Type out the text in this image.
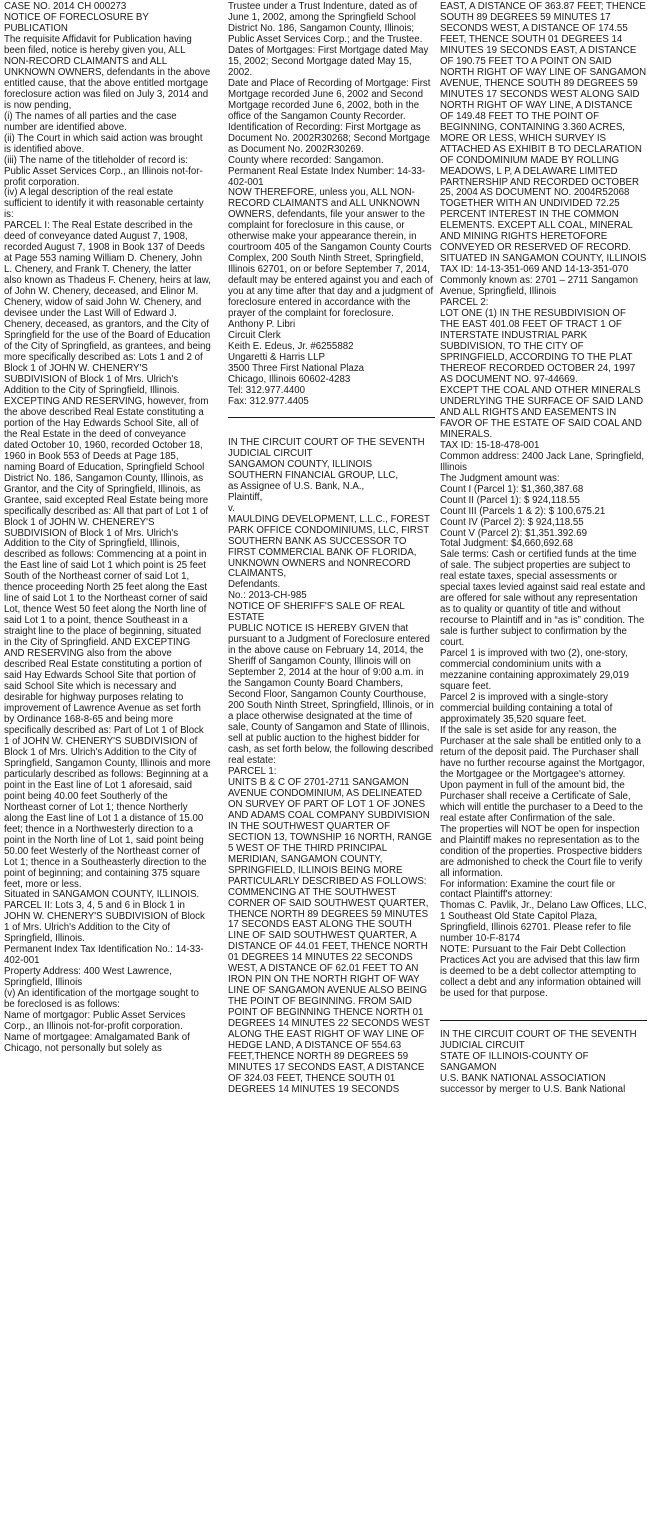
CASE NO. 2014 CH 000273

NOTICE OF FORECLOSURE BY PUBLICATION

The requisite Affidavit for Publication having been filed, notice is hereby given you, ALL NON-RECORD CLAIMANTS and ALL UNKNOWN OWNERS, defendants in the above entitled cause, that the above entitled mortgage foreclosure action was filed on July 3, 2014 and is now pending,

(i) The names of all parties and the case number are identified above.

(ii) The Court in which said action was brought is identified above.

(iii) The name of the titleholder of record is: Public Asset Services Corp., an Illinois not-for-profit corporation.

(iv) A legal description of the real estate sufficient to identify it with reasonable certainty is:

PARCEL I: The Real Estate described in the deed of conveyance dated August 7, 1908, recorded August 7, 1908 in Book 137 of Deeds at Page 553 naming William D. Chenery, John L. Chenery, and Frank T. Chenery, the latter also known as Thadeus F. Chenery, heirs at law, of John W. Chenery, deceased, and Elinor M. Chenery, widow of said John W. Chenery, and devisee under the Last Will of Edward J. Chenery, deceased, as grantors, and the City of Springfield for the use of the Board of Education of the City of Springfield, as grantees, and being more specifically described as: Lots 1 and 2 of Block 1 of JOHN W. CHENERY'S SUBDIVISION of Block 1 of Mrs. Ulrich's Addition to the City of Springfield, Illinois. EXCEPTING AND RESERVING, however, from the above described Real Estate constituting a portion of the Hay Edwards School Site, all of the Real Estate in the deed of conveyance dated October 10, 1960, recorded October 18, 1960 in Book 553 of Deeds at Page 185, naming Board of Education, Springfield School District No. 186, Sangamon County, Illinois, as Grantor, and the City of Springfield, Illinois, as Grantee, said excepted Real Estate being more specifically described as: All that part of Lot 1 of Block 1 of JOHN W. CHENEREY'S SUBDIVISION of Block 1 of Mrs. Ulrich's Addition to the City of Springfield, Illinois, described as follows: Commencing at a point in the East line of said Lot 1 which point is 25 feet South of the Northeast corner of said Lot 1, thence proceeding North 25 feet along the East line of said Lot 1 to the Northeast corner of said Lot, thence West 50 feet along the North line of said Lot 1 to a point, thence Southeast in a straight line to the place of beginning, situated in the City of Springfield. AND EXCEPTING AND RESERVING also from the above described Real Estate constituting a portion of said Hay Edwards School Site that portion of said School Site which is necessary and desirable for highway purposes relating to improvement of Lawrence Avenue as set forth by Ordinance 168-8-65 and being more specifically described as: Part of Lot 1 of Block 1 of JOHN W. CHENERY'S SUBDIVISION of Block 1 of Mrs. Ulrich's Addition to the City of Springfield, Sangamon County, Illinois and more particularly described as follows: Beginning at a point in the East line of Lot 1 aforesaid, said point being 40.00 feet Southerly of the Northeast corner of Lot 1; thence Northerly along the East line of Lot 1 a distance of 15.00 feet; thence in a Northwesterly direction to a point in the North line of Lot 1, said point being 50.00 feet Westerly of the Northeast corner of Lot 1; thence in a Southeasterly direction to the point of beginning; and containing 375 square feet, more or less.

Situated in SANGAMON COUNTY, ILLINOIS.

PARCEL II: Lots 3, 4, 5 and 6 in Block 1 in JOHN W. CHENERY'S SUBDIVISION of Block 1 of Mrs. Ulrich's Addition to the City of Springfield, Illinois.

Permanent Index Tax Identification No.: 14-33-402-001

Property Address: 400 West Lawrence, Springfield, Illinois

(v) An identification of the mortgage sought to be foreclosed is as follows:

Name of mortgagor: Public Asset Services Corp., an Illinois not-for-profit corporation.

Name of mortgagee: Amalgamated Bank of Chicago, not personally but solely as

Trustee under a Trust Indenture, dated as of June 1, 2002, among the Springfield School District No. 186, Sangamon County, Illinois; Public Asset Services Corp.; and the Trustee.

Dates of Mortgages: First Mortgage dated May 15, 2002; Second Mortgage dated May 15, 2002.

Date and Place of Recording of Mortgage: First Mortgage recorded June 6, 2002 and Second Mortgage recorded June 6, 2002, both in the office of the Sangamon County Recorder.

Identification of Recording: First Mortgage as Document No. 2002R30268; Second Mortgage as Document No. 2002R30269.

County where recorded: Sangamon.

Permanent Real Estate Index Number: 14-33-402-001

NOW THEREFORE, unless you, ALL NON-RECORD CLAIMANTS and ALL UNKNOWN OWNERS, defendants, file your answer to the complaint for foreclosure in this cause, or otherwise make your appearance therein, in courtroom 405 of the Sangamon County Courts Complex, 200 South Ninth Street, Springfield, Illinois 62701, on or before September 7, 2014, default may be entered against you and each of you at any time after that day and a judgment of foreclosure entered in accordance with the prayer of the complaint for foreclosure.

Anthony P. Libri

Circuit Clerk

Keith E. Edeus, Jr. #6255882

Ungaretti & Harris LLP

3500 Three First National Plaza

Chicago, Illinois 60602-4283

Tel: 312.977.4400

Fax: 312.977.4405

IN THE CIRCUIT COURT OF THE SEVENTH JUDICIAL CIRCUIT

SANGAMON COUNTY, ILLINOIS

SOUTHERN FINANCIAL GROUP, LLC,

as Assignee of U.S. Bank, N.A.,

Plaintiff,

v.

MAULDING DEVELOPMENT, L.L.C., FOREST PARK OFFICE CONDOMINIUMS, LLC, FIRST SOUTHERN BANK AS SUCCESSOR TO FIRST COMMERCIAL BANK OF FLORIDA, UNKNOWN OWNERS and NONRECORD CLAIMANTS,

Defendants.

No.: 2013-CH-985

NOTICE OF SHERIFF'S SALE OF REAL ESTATE

PUBLIC NOTICE IS HEREBY GIVEN that pursuant to a Judgment of Foreclosure entered in the above cause on February 14, 2014, the Sheriff of Sangamon County, Illinois will on September 2, 2014 at the hour of 9:00 a.m. in the Sangamon County Board Chambers, Second Floor, Sangamon County Courthouse, 200 South Ninth Street, Springfield, Illinois, or in a place otherwise designated at the time of sale, County of Sangamon and State of Illinois, sell at public auction to the highest bidder for cash, as set forth below, the following described real estate:

PARCEL 1:

UNITS B & C OF 2701-2711 SANGAMON AVENUE CONDOMINIUM, AS DELINEATED ON SURVEY OF PART OF LOT 1 OF JONES AND ADAMS COAL COMPANY SUBDIVISION IN THE SOUTHWEST QUARTER OF SECTION 13, TOWNSHIP 16 NORTH, RANGE 5 WEST OF THE THIRD PRINCIPAL MERIDIAN, SANGAMON COUNTY, SPRINGFIELD, ILLINOIS BEING MORE PARTICULARLY DESCRIBED AS FOLLOWS: COMMENCING AT THE SOUTHWEST CORNER OF SAID SOUTHWEST QUARTER, THENCE NORTH 89 DEGREES 59 MINUTES 17 SECONDS EAST ALONG THE SOUTH LINE OF SAID SOUTHWEST QUARTER, A DISTANCE OF 44.01 FEET, THENCE NORTH 01 DEGREES 14 MINUTES 22 SECONDS WEST, A DISTANCE OF 62.01 FEET TO AN IRON PIN ON THE NORTH RIGHT OF WAY LINE OF SANGAMON AVENUE ALSO BEING THE POINT OF BEGINNING. FROM SAID POINT OF BEGINNING THENCE NORTH 01 DEGREES 14 MINUTES 22 SECONDS WEST ALONG THE EAST RIGHT OF WAY LINE OF HEDGE LAND, A DISTANCE OF 554.63 FEET,THENCE NORTH 89 DEGREES 59 MINUTES 17 SECONDS EAST, A DISTANCE OF 324.03 FEET, THENCE SOUTH 01 DEGREES 14 MINUTES 19 SECONDS

EAST, A DISTANCE OF 363.87 FEET; THENCE SOUTH 89 DEGREES 59 MINUTES 17 SECONDS WEST, A DISTANCE OF 174.55 FEET, THENCE SOUTH 01 DEGREES 14 MINUTES 19 SECONDS EAST, A DISTANCE OF 190.75 FEET TO A POINT ON SAID NORTH RIGHT OF WAY LINE OF SANGAMON AVENUE, THENCE SOUTH 89 DEGREES 59 MINUTES 17 SECONDS WEST ALONG SAID NORTH RIGHT OF WAY LINE, A DISTANCE OF 149.48 FEET TO THE POINT OF BEGINNING, CONTAINING 3.360 ACRES, MORE OR LESS, WHICH SURVEY IS ATTACHED AS EXHIBIT B TO DECLARATION OF CONDOMINIUM MADE BY ROLLING MEADOWS, L P, A DELAWARE LIMITED PARTNERSHIP AND RECORDED OCTOBER 25, 2004 AS DOCUMENT NO. 2004R52068 TOGETHER WITH AN UNDIVIDED 72.25 PERCENT INTEREST IN THE COMMON ELEMENTS. EXCEPT ALL COAL, MINERAL AND MINING RIGHTS HERETOFORE CONVEYED OR RESERVED OF RECORD.

SITUATED IN SANGAMON COUNTY, ILLINOIS

TAX ID: 14-13-351-069 AND 14-13-351-070

Commonly known as: 2701 – 2711 Sangamon Avenue, Springfield, Illinois

PARCEL 2:

LOT ONE (1) IN THE RESUBDIVISION OF THE EAST 401.08 FEET OF TRACT 1 OF INTERSTATE INDUSTRIAL PARK SUBDIVISION, TO THE CITY OF SPRINGFIELD, ACCORDING TO THE PLAT THEREOF RECORDED OCTOBER 24, 1997 AS DOCUMENT NO. 97-44669.

EXCEPT THE COAL AND OTHER MINERALS UNDERLYING THE SURFACE OF SAID LAND AND ALL RIGHTS AND EASEMENTS IN FAVOR OF THE ESTATE OF SAID COAL AND MINERALS.

TAX ID: 15-18-478-001

Common address: 2400 Jack Lane, Springfield, Illinois

The Judgment amount was:

Count I (Parcel 1): $1,360,387.68

Count II (Parcel 1): $ 924,118.55

Count III (Parcels 1 & 2): $ 100,675.21

Count IV (Parcel 2): $ 924,118.55

Count V (Parcel 2): $1,351.392.69

Total Judgment: $4,660,692.68

Sale terms: Cash or certified funds at the time of sale. The subject properties are subject to real estate taxes, special assessments or special taxes levied against said real estate and are offered for sale without any representation as to quality or quantity of title and without recourse to Plaintiff and in “as is” condition. The sale is further subject to confirmation by the court.

Parcel 1 is improved with two (2), one-story, commercial condominium units with a mezzanine containing approximately 29,019 square feet.

Parcel 2 is improved with a single-story commercial building containing a total of approximately 35,520 square feet.

If the sale is set aside for any reason, the Purchaser at the sale shall be entitled only to a return of the deposit paid. The Purchaser shall have no further recourse against the Mortgagor, the Mortgagee or the Mortgagee's attorney.

Upon payment in full of the amount bid, the Purchaser shall receive a Certificate of Sale, which will entitle the purchaser to a Deed to the real estate after Confirmation of the sale.

The properties will NOT be open for inspection and Plaintiff makes no representation as to the condition of the properties. Prospective bidders are admonished to check the Court file to verify all information.

For information: Examine the court file or contact Plaintiff's attorney:

Thomas C. Pavlik, Jr., Delano Law Offices, LLC, 1 Southeast Old State Capitol Plaza, Springfield, Illinois 62701. Please refer to file number 10-F-8174

NOTE: Pursuant to the Fair Debt Collection Practices Act you are advised that this law firm is deemed to be a debt collector attempting to collect a debt and any information obtained will be used for that purpose.

IN THE CIRCUIT COURT OF THE SEVENTH JUDICIAL CIRCUIT

STATE OF ILLINOIS-COUNTY OF SANGAMON

U.S. BANK NATIONAL ASSOCIATION successor by merger to U.S. Bank National
